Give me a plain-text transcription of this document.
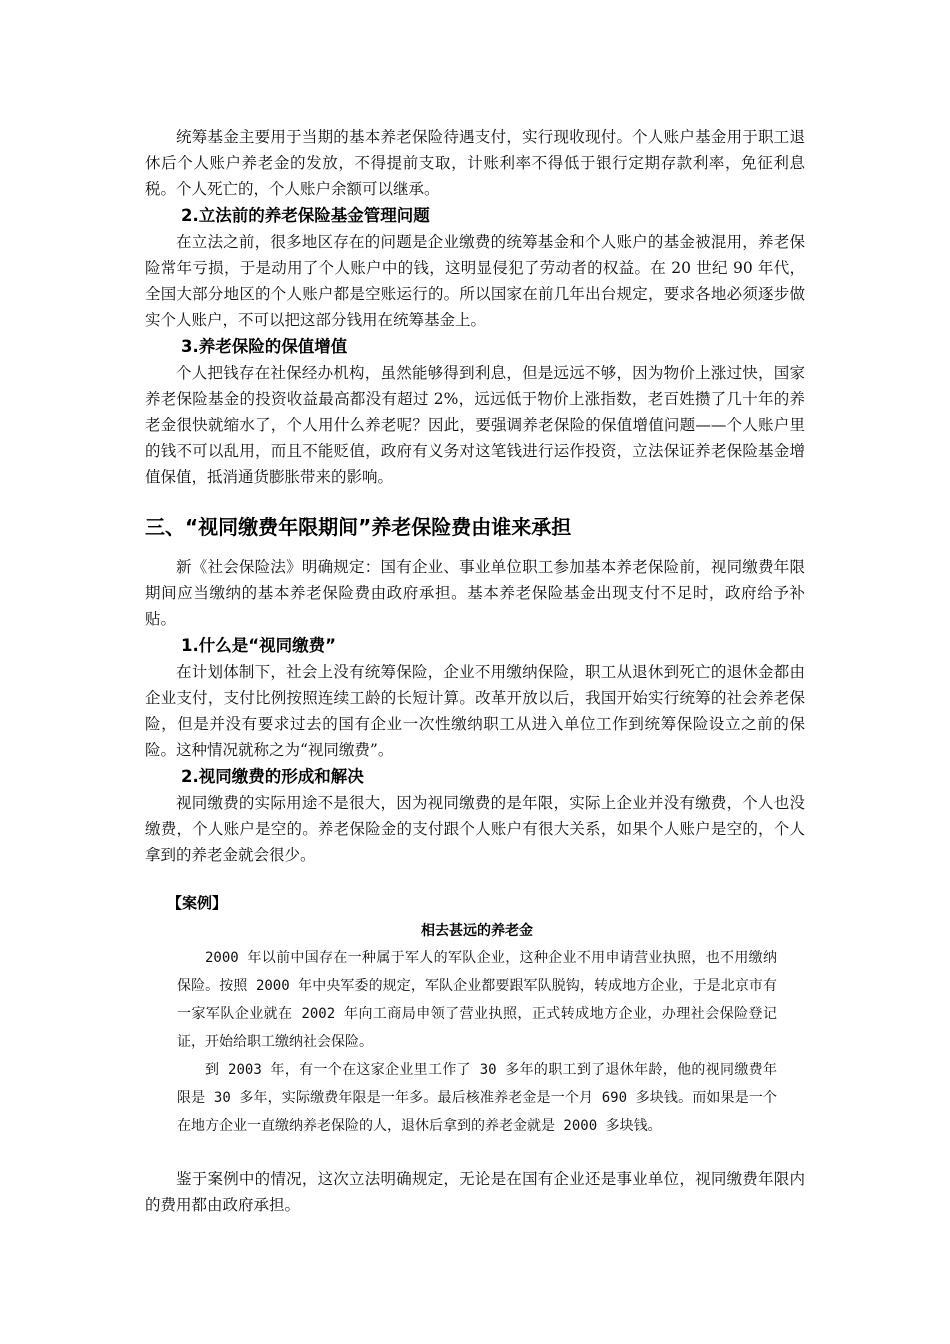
统筹基金主要用于当期的基本养老保险待遇支付，实行现收现付。个人账户基金用于职工退休后个人账户养老金的发放，不得提前支取，计账利率不得低于银行定期存款利率，免征利息税。个人死亡的，个人账户余额可以继承。

2.立法前的养老保险基金管理问题

在立法之前，很多地区存在的问题是企业缴费的统筹基金和个人账户的基金被混用，养老保险常年亏损，于是动用了个人账户中的钱，这明显侵犯了劳动者的权益。在 20 世纪 90 年代，全国大部分地区的个人账户都是空账运行的。所以国家在前几年出台规定，要求各地必须逐步做实个人账户，不可以把这部分钱用在统筹基金上。

3.养老保险的保值增值

个人把钱存在社保经办机构，虽然能够得到利息，但是远远不够，因为物价上涨过快，国家养老保险基金的投资收益最高都没有超过 2%，远远低于物价上涨指数，老百姓攒了几十年的养老金很快就缩水了，个人用什么养老呢？因此，要强调养老保险的保值增值问题——个人账户里的钱不可以乱用，而且不能贬值，政府有义务对这笔钱进行运作投资，立法保证养老保险基金增值保值，抵消通货膨胀带来的影响。

三、“视同缴费年限期间”养老保险费由谁来承担

新《社会保险法》明确规定：国有企业、事业单位职工参加基本养老保险前，视同缴费年限期间应当缴纳的基本养老保险费由政府承担。基本养老保险基金出现支付不足时，政府给予补贴。

1.什么是“视同缴费”

在计划体制下，社会上没有统筹保险，企业不用缴纳保险，职工从退休到死亡的退休金都由企业支付，支付比例按照连续工龄的长短计算。改革开放以后，我国开始实行统筹的社会养老保险，但是并没有要求过去的国有企业一次性缴纳职工从进入单位工作到统筹保险设立之前的保险。这种情况就称之为“视同缴费”。

2.视同缴费的形成和解决

视同缴费的实际用途不是很大，因为视同缴费的是年限，实际上企业并没有缴费，个人也没缴费，个人账户是空的。养老保险金的支付跟个人账户有很大关系，如果个人账户是空的，个人拿到的养老金就会很少。

【案例】
相去甚远的养老金

2000 年以前中国存在一种属于军人的军队企业，这种企业不用申请营业执照，也不用缴纳保险。按照 2000 年中央军委的规定，军队企业都要跟军队脱钩，转成地方企业，于是北京市有一家军队企业就在 2002 年向工商局申领了营业执照，正式转成地方企业，办理社会保险登记证，开始给职工缴纳社会保险。

到 2003 年，有一个在这家企业里工作了 30 多年的职工到了退休年龄，他的视同缴费年限是 30 多年，实际缴费年限是一年多。最后核准养老金是一个月 690 多块钱。而如果是一个在地方企业一直缴纳养老保险的人，退休后拿到的养老金就是 2000 多块钱。

鉴于案例中的情况，这次立法明确规定，无论是在国有企业还是事业单位，视同缴费年限内的费用都由政府承担。
